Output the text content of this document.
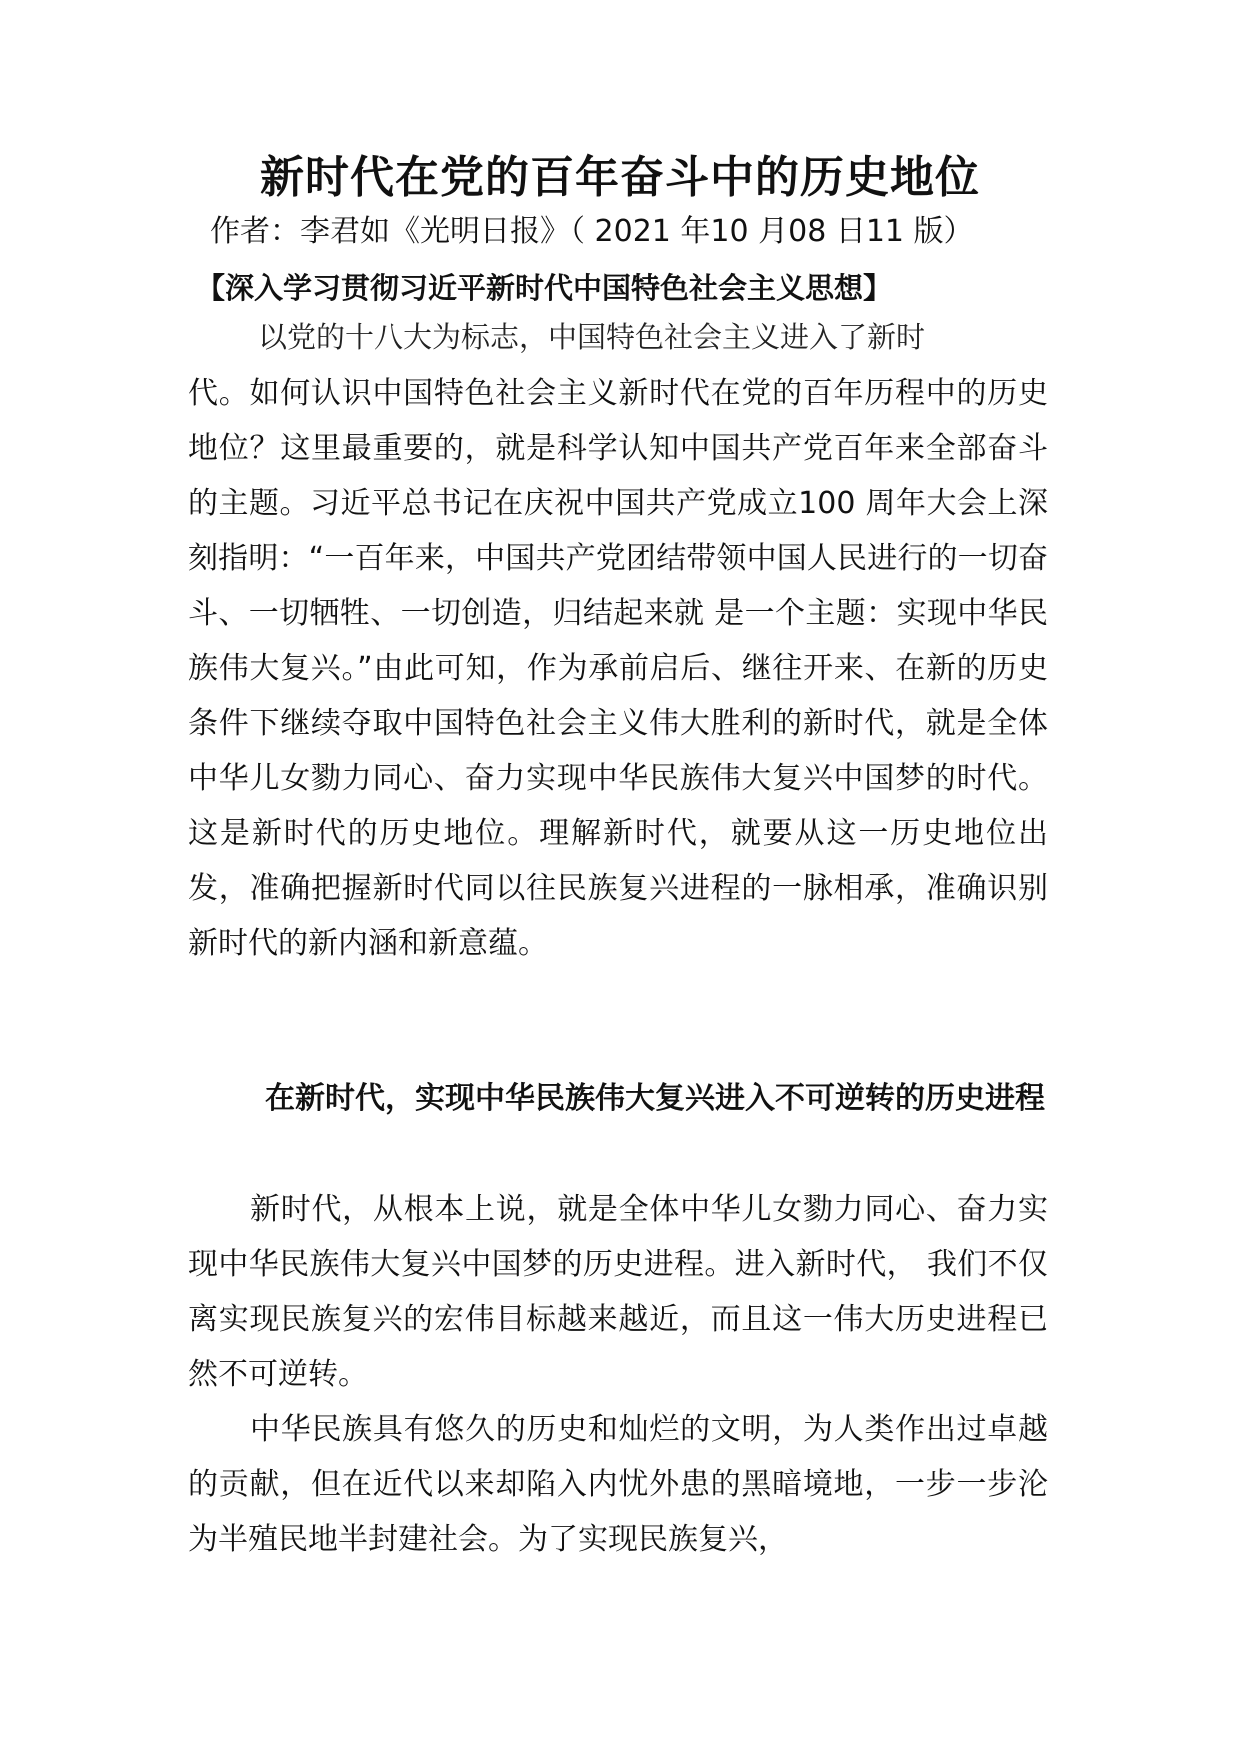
新时代在党的百年奋斗中的历史地位
作者：李君如《光明日报》（ 2021 年10 月08 日11 版）
【深入学习贯彻习近平新时代中国特色社会主义思想】
以党的十八大为标志，中国特色社会主义进入了新时

代。如何认识中国特色社会主义新时代在党的百年历程中的历史地位？这里最重要的，就是科学认知中国共产党百年来全部奋斗的主题。习近平总书记在庆祝中国共产党成立100 周年大会上深刻指明：“一百年来，中国共产党团结带领中国人民进行的一切奋斗、一切牺牲、一切创造，归结起来就 是一个主题：实现中华民族伟大复兴。”由此可知，作为承前启后、继往开来、在新的历史条件下继续夺取中国特色社会主义伟大胜利的新时代，就是全体中华儿女勠力同心、奋力实现中华民族伟大复兴中国梦的时代。这是新时代的历史地位。理解新时代，就要从这一历史地位出发，准确把握新时代同以往民族复兴进程的一脉相承，准确识别新时代的新内涵和新意蕴。

在新时代，实现中华民族伟大复兴进入不可逆转的历史进程

新时代，从根本上说，就是全体中华儿女勠力同心、奋力实现中华民族伟大复兴中国梦的历史进程。进入新时代， 我们不仅离实现民族复兴的宏伟目标越来越近，而且这一伟大历史进程已然不可逆转。

中华民族具有悠久的历史和灿烂的文明，为人类作出过卓越的贡献，但在近代以来却陷入内忧外患的黑暗境地，一步一步沦为半殖民地半封建社会。为了实现民族复兴，
